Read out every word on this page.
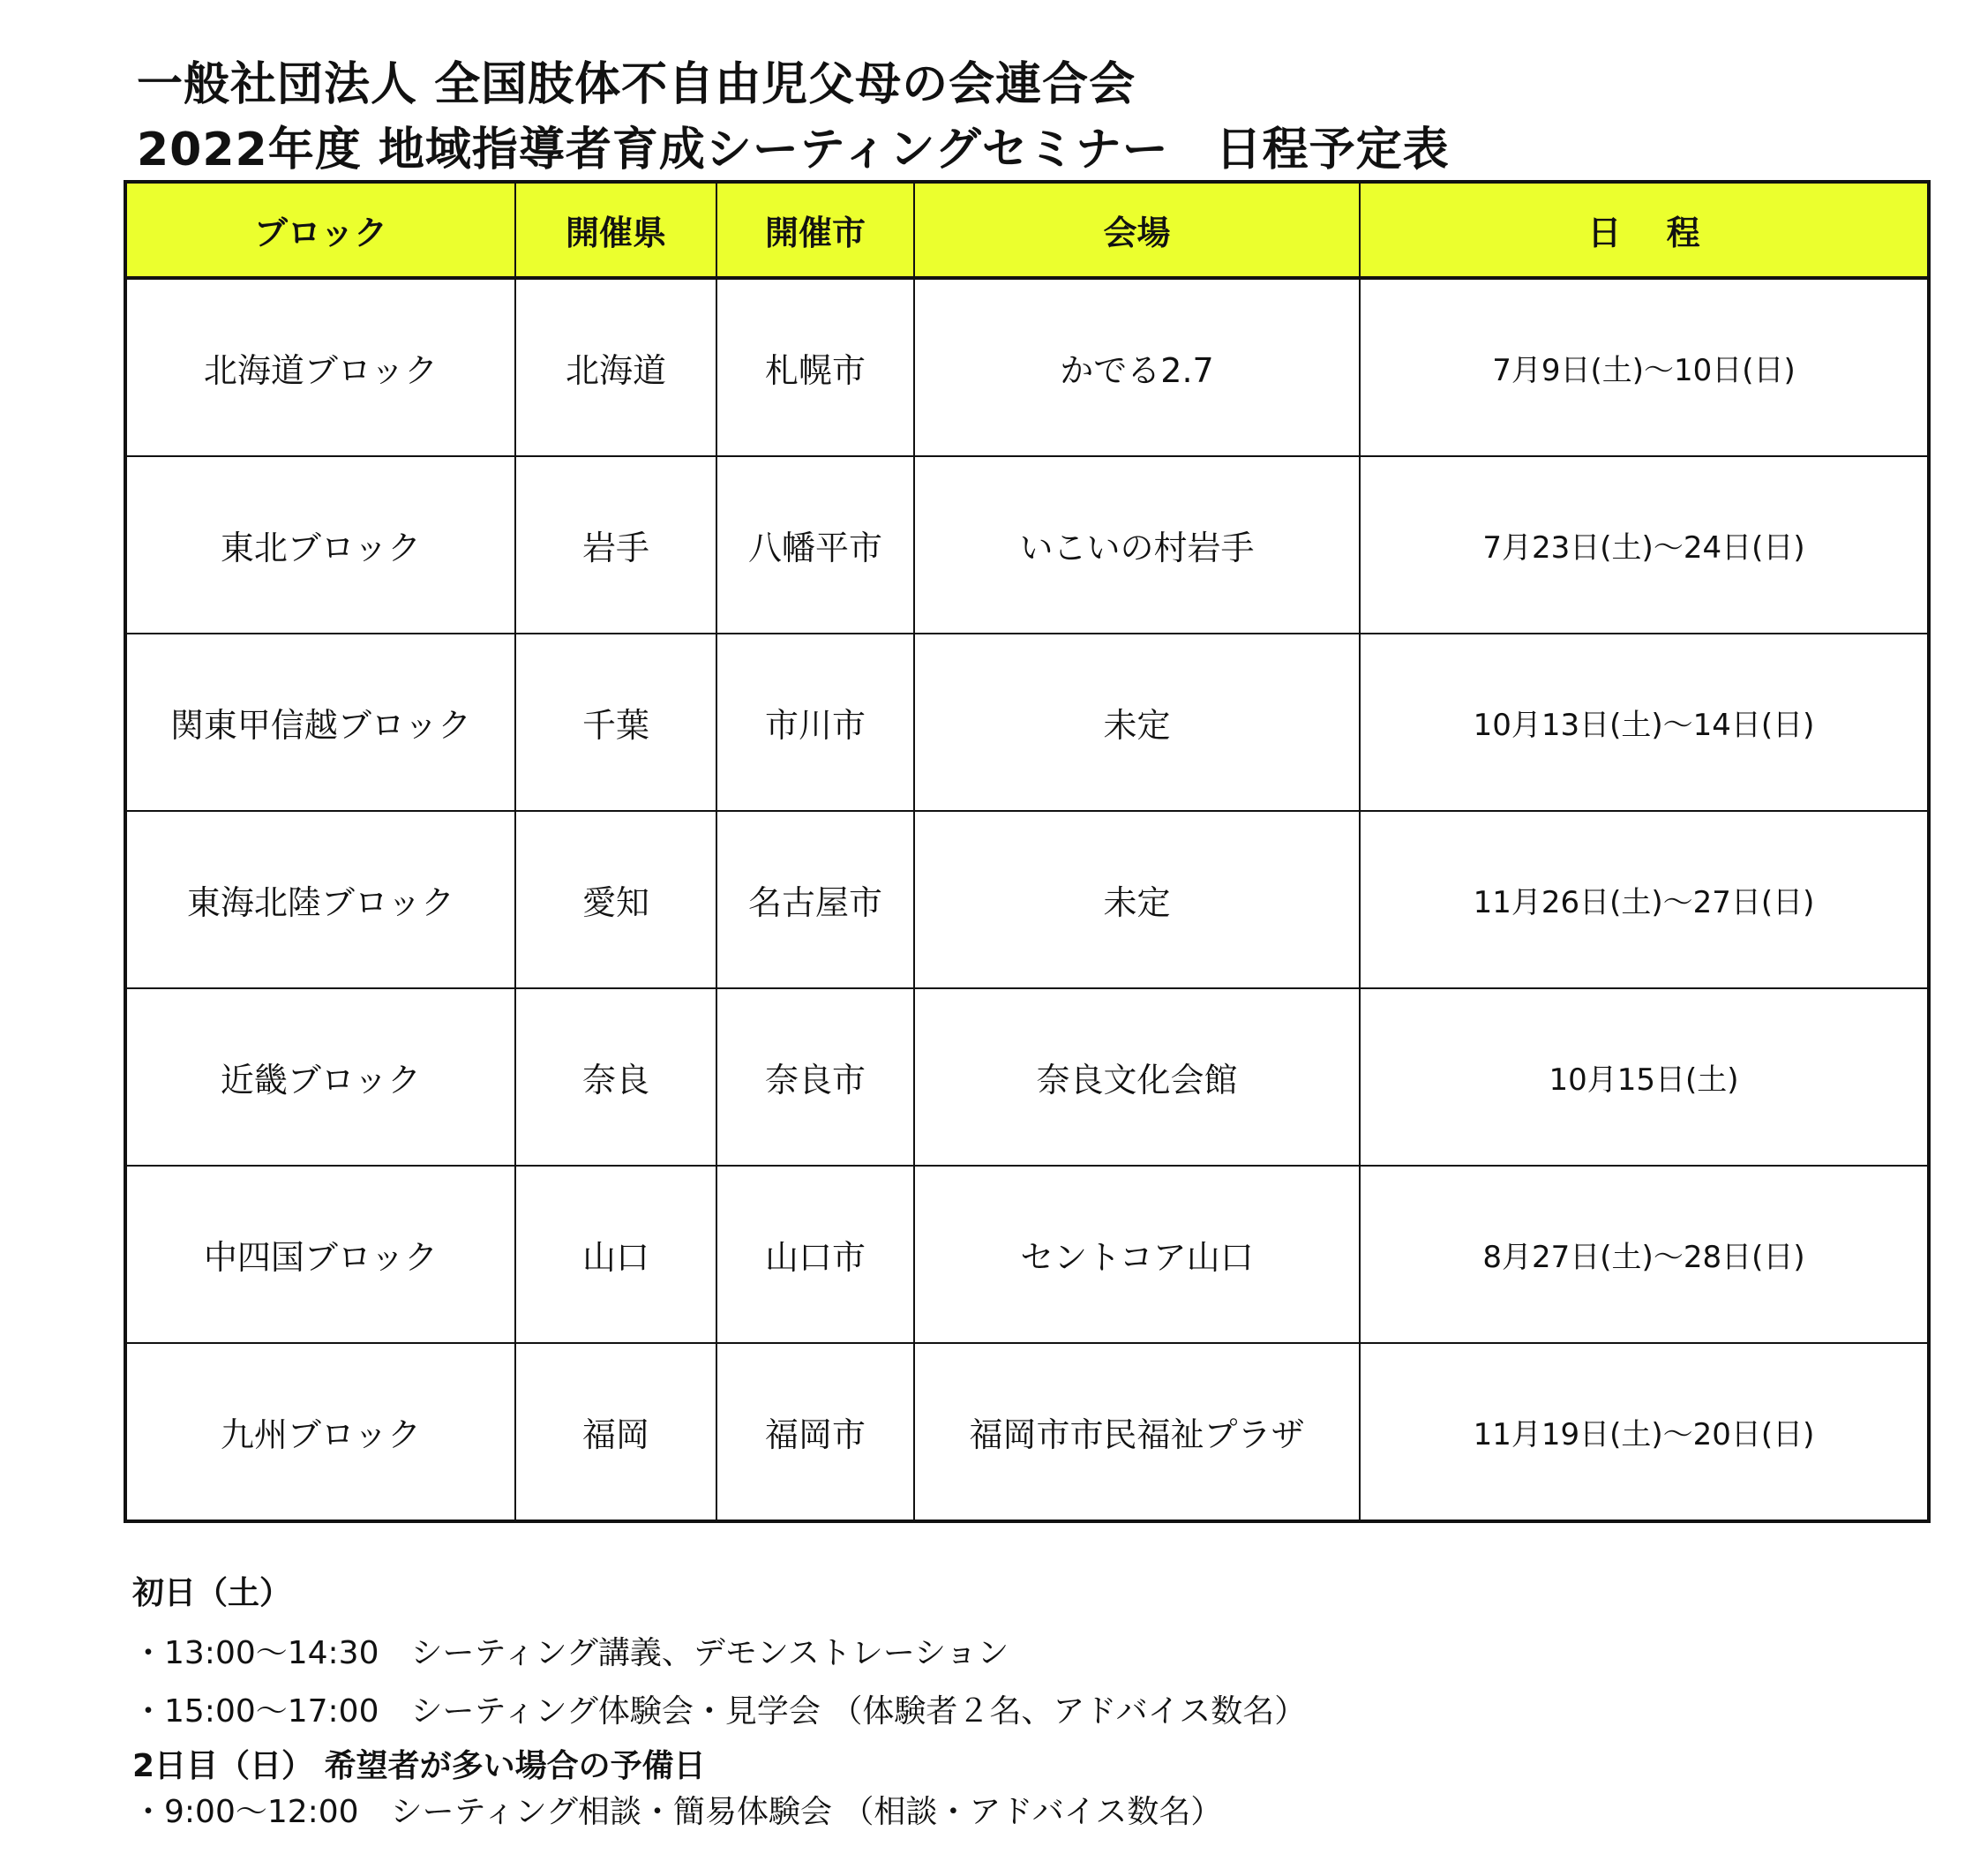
一般社団法人 全国肢体不自由児父母の会連合会
2022年度 地域指導者育成シーティングセミナー　日程予定表
ブロック	開催県	開催市	会場	日　 程
北海道ブロック	北海道	札幌市	かでる2.7	7月9日(土)～10日(日)
東北ブロック	岩手	八幡平市	いこいの村岩手	7月23日(土)～24日(日)
関東甲信越ブロック	千葉	市川市	未定	10月13日(土)～14日(日)
東海北陸ブロック	愛知	名古屋市	未定	11月26日(土)～27日(日)
近畿ブロック	奈良	奈良市	奈良文化会館	10月15日(土)
中四国ブロック	山口	山口市	セントコア山口	8月27日(土)～28日(日)
九州ブロック	福岡	福岡市	福岡市市民福祉プラザ	11月19日(土)～20日(日)
初日（土）
・13:00～14:30　シーティング講義、デモンストレーション
・15:00～17:00　シーティング体験会・見学会 （体験者２名、アドバイス数名）
2日目（日） 希望者が多い場合の予備日
・9:00～12:00　シーティング相談・簡易体験会 （相談・アドバイス数名）
